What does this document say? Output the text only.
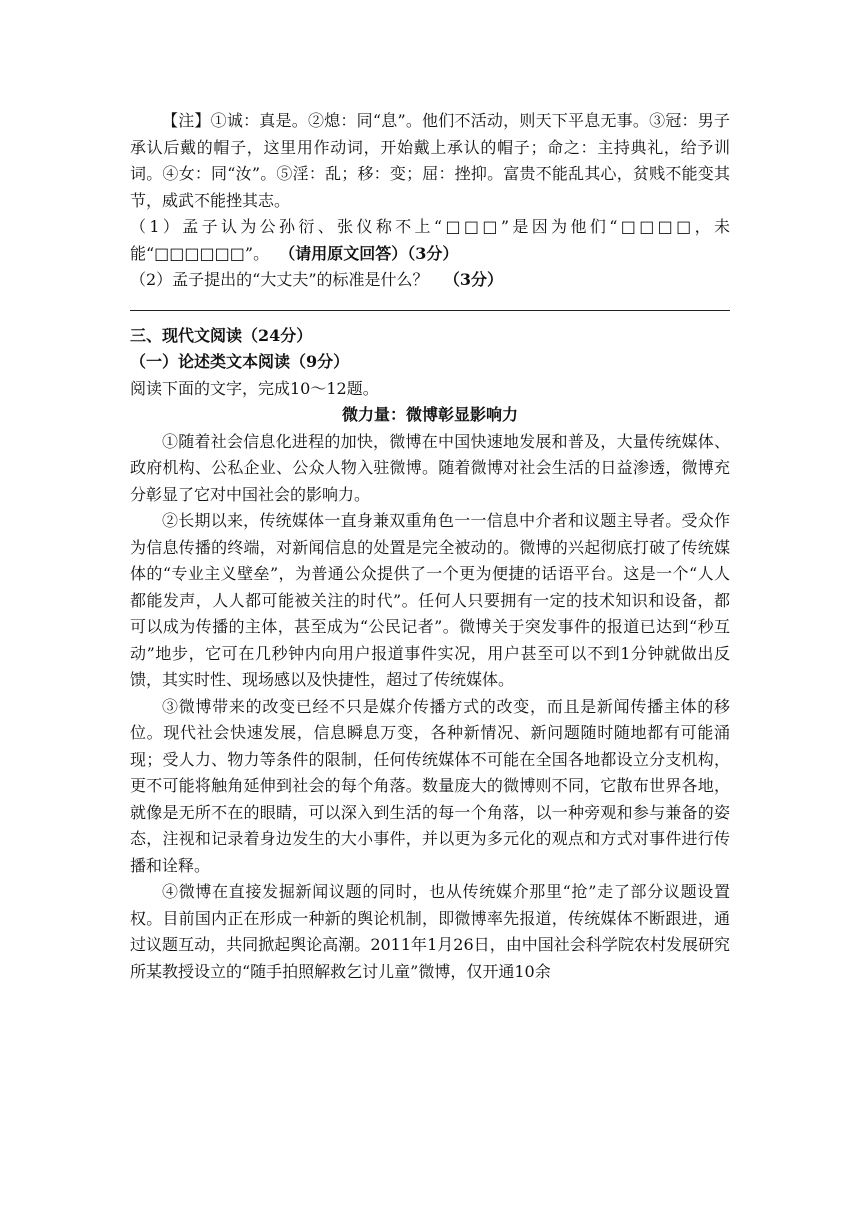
【注】①诚：真是。②熄：同“息”。他们不活动，则天下平息无事。③冠：男子承认后戴的帽子，这里用作动词，开始戴上承认的帽子；命之：主持典礼，给予训词。④女：同“汝”。⑤淫：乱；移：变；屈：挫抑。富贵不能乱其心，贫贱不能变其节，威武不能挫其志。

（1）孟子认为公孙衍、张仪称不上“□□□”是因为他们“□□□□，未能“□□□□□□”。 （请用原文回答）（3分）

（2）孟子提出的“大丈夫”的标准是什么？ （3分）

三、现代文阅读（24分）

（一）论述类文本阅读（9分）

阅读下面的文字，完成10～12题。

微力量：微博彰显影响力

①随着社会信息化进程的加快，微博在中国快速地发展和普及，大量传统媒体、政府机构、公私企业、公众人物入驻微博。随着微博对社会生活的日益渗透，微博充分彰显了它对中国社会的影响力。

②长期以来，传统媒体一直身兼双重角色一一信息中介者和议题主导者。受众作为信息传播的终端，对新闻信息的处置是完全被动的。微博的兴起彻底打破了传统媒体的“专业主义壁垒”，为普通公众提供了一个更为便捷的话语平台。这是一个“人人都能发声，人人都可能被关注的时代”。任何人只要拥有一定的技术知识和设备，都可以成为传播的主体，甚至成为“公民记者”。微博关于突发事件的报道已达到“秒互动”地步，它可在几秒钟内向用户报道事件实况，用户甚至可以不到1分钟就做出反馈，其实时性、现场感以及快捷性，超过了传统媒体。

③微博带来的改变已经不只是媒介传播方式的改变，而且是新闻传播主体的移位。现代社会快速发展，信息瞬息万变，各种新情况、新问题随时随地都有可能涌现；受人力、物力等条件的限制，任何传统媒体不可能在全国各地都设立分支机构，更不可能将触角延伸到社会的每个角落。数量庞大的微博则不同，它散布世界各地，就像是无所不在的眼睛，可以深入到生活的每一个角落，以一种旁观和参与兼备的姿态，注视和记录着身边发生的大小事件，并以更为多元化的观点和方式对事件进行传播和诠释。

④微博在直接发掘新闻议题的同时，也从传统媒介那里“抢”走了部分议题设置权。目前国内正在形成一种新的舆论机制，即微博率先报道，传统媒体不断跟进，通过议题互动，共同掀起舆论高潮。2011年1月26日，由中国社会科学院农村发展研究所某教授设立的“随手拍照解救乞讨儿童”微博，仅开通10余
